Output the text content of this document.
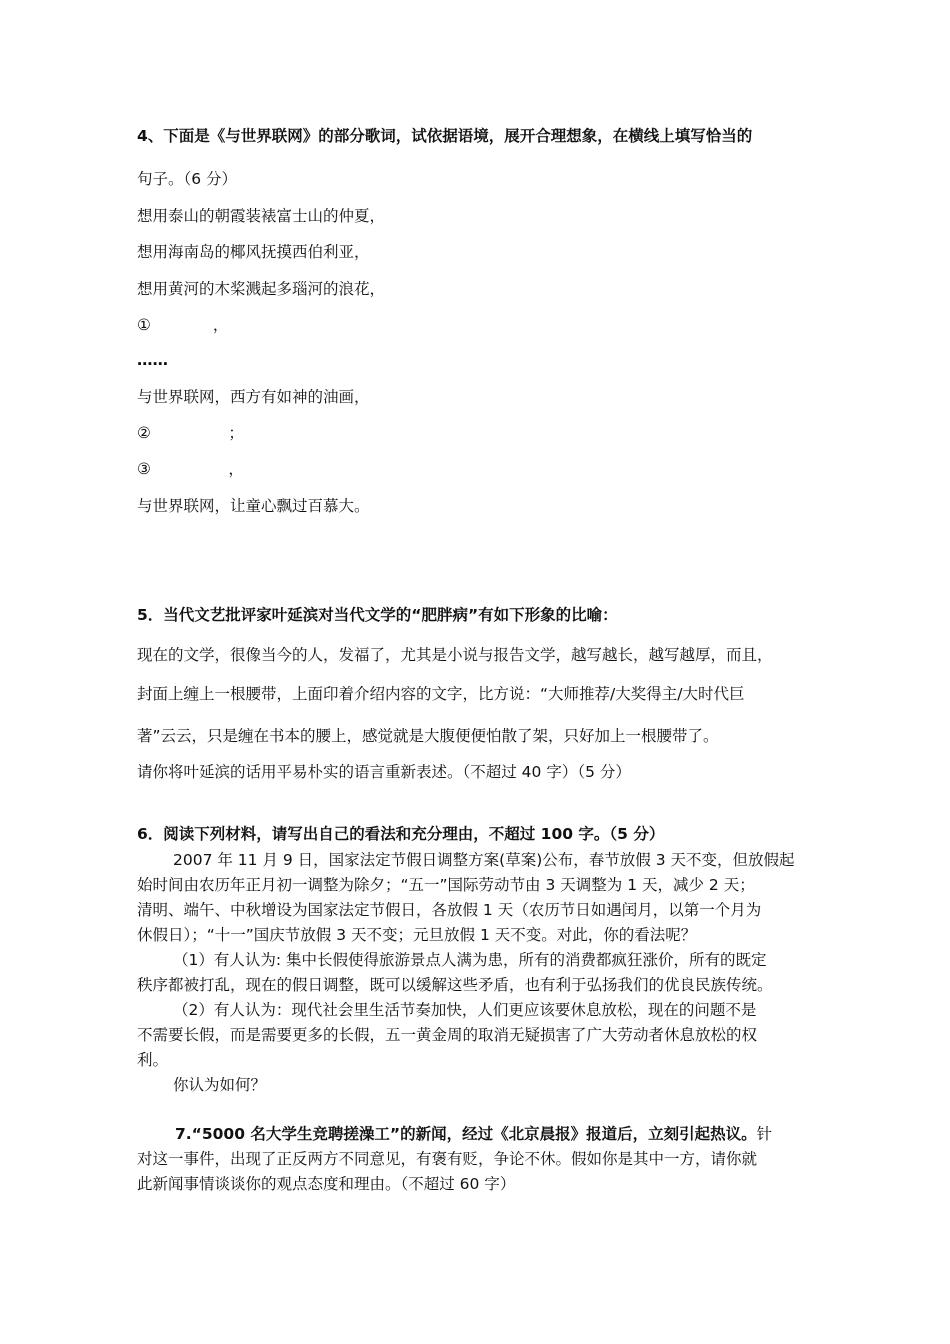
4、下面是《与世界联网》的部分歌词，试依据语境，展开合理想象，在横线上填写恰当的
句子。（6 分）
想用泰山的朝霞装裱富士山的仲夏，
想用海南岛的椰风抚摸西伯利亚，
想用黄河的木桨溅起多瑙河的浪花，
①　　　　，
……
与世界联网，西方有如神的油画，
②　　　　　；
③　　　　　，
与世界联网，让童心飘过百慕大。
5．当代文艺批评家叶延滨对当代文学的“肥胖病”有如下形象的比喻：
现在的文学，很像当今的人，发福了，尤其是小说与报告文学，越写越长，越写越厚，而且，
封面上缠上一根腰带，上面印着介绍内容的文字，比方说：“大师推荐/大奖得主/大时代巨
著”云云，只是缠在书本的腰上，感觉就是大腹便便怕散了架，只好加上一根腰带了。
请你将叶延滨的话用平易朴实的语言重新表述。（不超过 40 字）（5 分）
6．阅读下列材料，请写出自己的看法和充分理由，不超过 100 字。（5 分）
2007 年 11 月 9 日，国家法定节假日调整方案(草案)公布，春节放假 3 天不变，但放假起
始时间由农历年正月初一调整为除夕；“五一”国际劳动节由 3 天调整为 1 天，减少 2 天；
清明、端午、中秋增设为国家法定节假日，各放假 1 天（农历节日如遇闰月，以第一个月为
休假日）；“十一”国庆节放假 3 天不变；元旦放假 1 天不变。对此，你的看法呢？
（1）有人认为: 集中长假使得旅游景点人满为患，所有的消费都疯狂涨价，所有的既定
秩序都被打乱，现在的假日调整，既可以缓解这些矛盾，也有利于弘扬我们的优良民族传统。
（2）有人认为：现代社会里生活节奏加快，人们更应该要休息放松，现在的问题不是
不需要长假，而是需要更多的长假，五一黄金周的取消无疑损害了广大劳动者休息放松的权
利。
你认为如何？
7.“5000 名大学生竞聘搓澡工”的新闻，经过《北京晨报》报道后，立刻引起热议。针
对这一事件，出现了正反两方不同意见，有褒有贬，争论不休。假如你是其中一方，请你就
此新闻事情谈谈你的观点态度和理由。（不超过 60 字）
